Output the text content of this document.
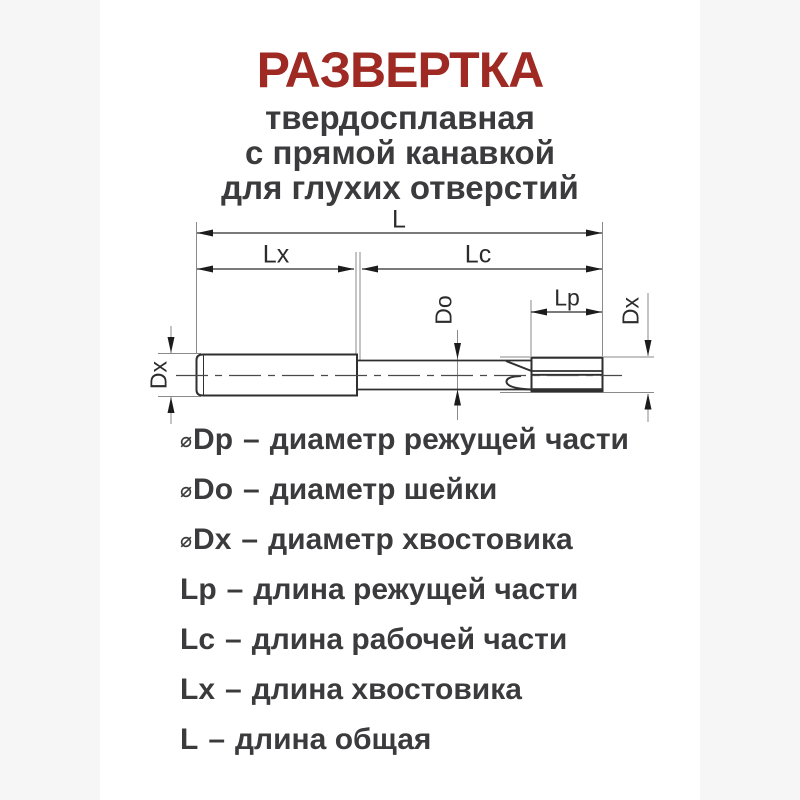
РАЗВЕРТКА
твердосплавная
с прямой канавкой
для глухих отверстий
L
Lx	Lc
Lp
Do	Dx
Dx
⌀Dp – диаметр режущей части
⌀Do – диаметр шейки
⌀Dx – диаметр хвостовика
Lp – длина режущей части
Lc – длина рабочей части
Lx – длина хвостовика
L – длина общая
